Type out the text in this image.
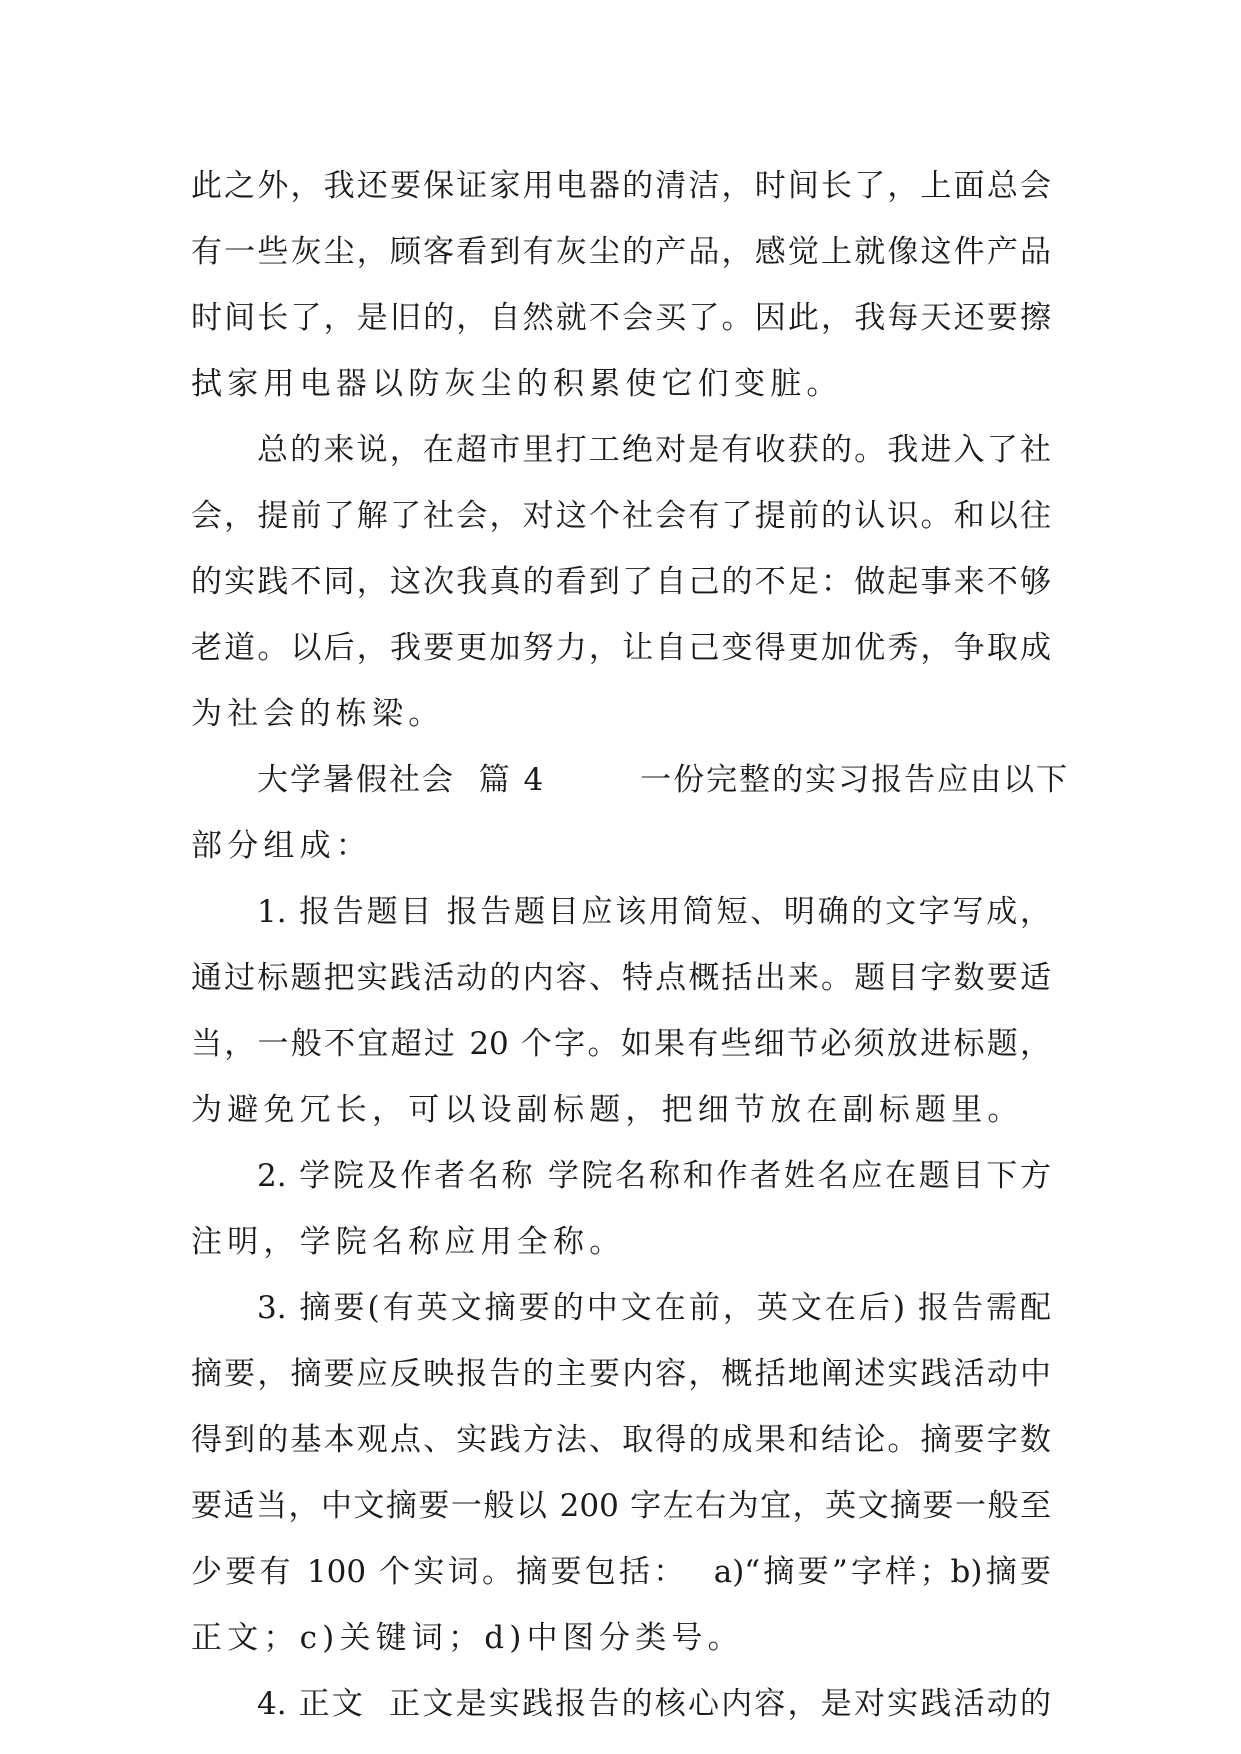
此之外，我还要保证家用电器的清洁，时间长了，上面总会
有一些灰尘，顾客看到有灰尘的产品，感觉上就像这件产品
时间长了，是旧的，自然就不会买了。因此，我每天还要擦
拭家用电器以防灰尘的积累使它们变脏。
总的来说，在超市里打工绝对是有收获的。我进入了社
会，提前了解了社会，对这个社会有了提前的认识。和以往
的实践不同，这次我真的看到了自己的不足：做起事来不够
老道。以后，我要更加努力，让自己变得更加优秀，争取成
为社会的栋梁。
大学暑假社会  篇 4        一份完整的实习报告应由以下
部分组成：
1. 报告题目 报告题目应该用简短、明确的文字写成，
通过标题把实践活动的内容、特点概括出来。题目字数要适
当，一般不宜超过 20 个字。如果有些细节必须放进标题，
为避免冗长，可以设副标题，把细节放在副标题里。
2. 学院及作者名称 学院名称和作者姓名应在题目下方
注明，学院名称应用全称。
3. 摘要(有英文摘要的中文在前，英文在后) 报告需配
摘要，摘要应反映报告的主要内容，概括地阐述实践活动中
得到的基本观点、实践方法、取得的成果和结论。摘要字数
要适当，中文摘要一般以 200 字左右为宜，英文摘要一般至
少要有 100 个实词。摘要包括：  a)“摘要”字样；b)摘要
正文；c)关键词；d)中图分类号。
4. 正文  正文是实践报告的核心内容，是对实践活动的
